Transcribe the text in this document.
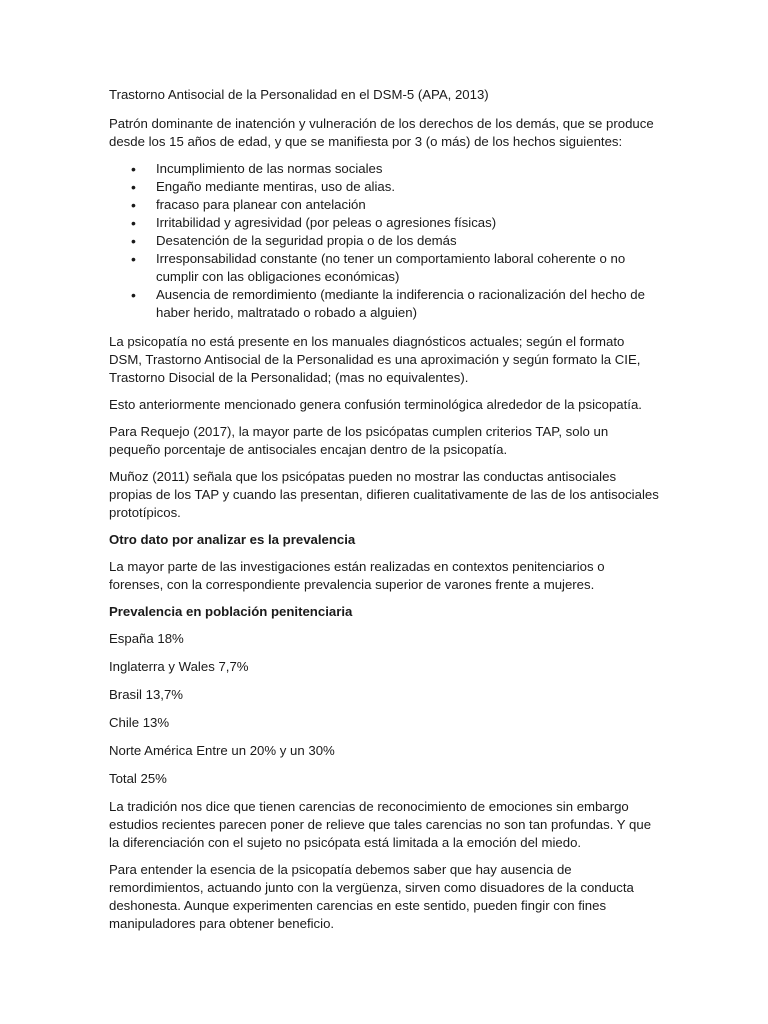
Trastorno Antisocial de la Personalidad en el DSM-5 (APA, 2013)

Patrón dominante de inatención y vulneración de los derechos de los demás, que se produce desde los 15 años de edad, y que se manifiesta por 3 (o más) de los hechos siguientes:

• Incumplimiento de las normas sociales
• Engaño mediante mentiras, uso de alias.
• fracaso para planear con antelación
• Irritabilidad y agresividad (por peleas o agresiones físicas)
• Desatención de la seguridad propia o de los demás
• Irresponsabilidad constante (no tener un comportamiento laboral coherente o no cumplir con las obligaciones económicas)
• Ausencia de remordimiento (mediante la indiferencia o racionalización del hecho de haber herido, maltratado o robado a alguien)

La psicopatía no está presente en los manuales diagnósticos actuales; según el formato DSM, Trastorno Antisocial de la Personalidad es una aproximación y según formato la CIE, Trastorno Disocial de la Personalidad; (mas no equivalentes).

Esto anteriormente mencionado genera confusión terminológica alrededor de la psicopatía.

Para Requejo (2017), la mayor parte de los psicópatas cumplen criterios TAP, solo un pequeño porcentaje de antisociales encajan dentro de la psicopatía.

Muñoz (2011) señala que los psicópatas pueden no mostrar las conductas antisociales propias de los TAP y cuando las presentan, difieren cualitativamente de las de los antisociales prototípicos.

Otro dato por analizar es la prevalencia

La mayor parte de las investigaciones están realizadas en contextos penitenciarios o forenses, con la correspondiente prevalencia superior de varones frente a mujeres.

Prevalencia en población penitenciaria

España 18%

Inglaterra y Wales 7,7%

Brasil 13,7%

Chile 13%

Norte América Entre un 20% y un 30%

Total 25%

La tradición nos dice que tienen carencias de reconocimiento de emociones sin embargo estudios recientes parecen poner de relieve que tales carencias no son tan profundas. Y que la diferenciación con el sujeto no psicópata está limitada a la emoción del miedo.

Para entender la esencia de la psicopatía debemos saber que hay ausencia de remordimientos, actuando junto con la vergüenza, sirven como disuadores de la conducta deshonesta. Aunque experimenten carencias en este sentido, pueden fingir con fines manipuladores para obtener beneficio.
